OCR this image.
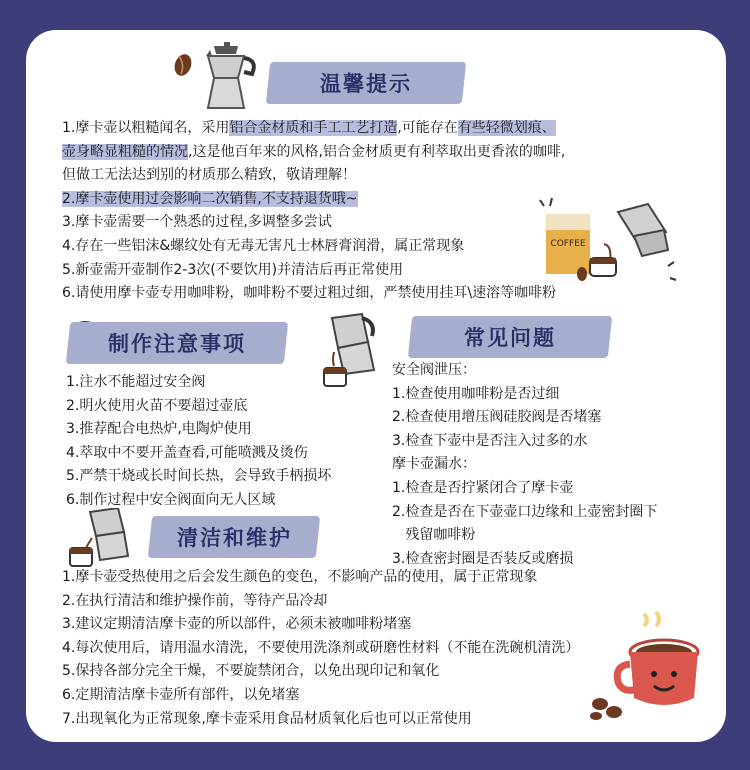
温馨提示
1.摩卡壶以粗糙闻名，采用铝合金材质和手工工艺打造,可能存在有些轻微划痕、
壶身略显粗糙的情况,这是他百年来的风格,铝合金材质更有利萃取出更香浓的咖啡,
但做工无法达到别的材质那么精致，敬请理解！
2.摩卡壶使用过会影响二次销售,不支持退货哦~
3.摩卡壶需要一个熟悉的过程,多调整多尝试
4.存在一些铝沫&螺纹处有无毒无害凡士林唇膏润滑，属正常现象
5.新壶需开壶制作2-3次(不要饮用)并清洁后再正常使用
6.请使用摩卡壶专用咖啡粉，咖啡粉不要过粗过细，严禁使用挂耳\速溶等咖啡粉
COFFEE
制作注意事项
1.注水不能超过安全阀
2.明火使用火苗不要超过壶底
3.推荐配合电热炉,电陶炉使用
4.萃取中不要开盖查看,可能喷溅及烫伤
5.严禁干烧或长时间长热，会导致手柄损坏
6.制作过程中安全阀面向无人区域
常见问题
安全阀泄压：
1.检查使用咖啡粉是否过细
2.检查使用增压阀硅胶阀是否堵塞
3.检查下壶中是否注入过多的水
摩卡壶漏水：
1.检查是否拧紧闭合了摩卡壶
2.检查是否在下壶壶口边缘和上壶密封圈下
残留咖啡粉
3.检查密封圈是否装反或磨损
清洁和维护
1.摩卡壶受热使用之后会发生颜色的变色，不影响产品的使用，属于正常现象
2.在执行清洁和维护操作前，等待产品冷却
3.建议定期清洁摩卡壶的所以部件，必须未被咖啡粉堵塞
4.每次使用后，请用温水清洗，不要使用洗涤剂或研磨性材料（不能在洗碗机清洗）
5.保持各部分完全干燥，不要旋禁闭合，以免出现印记和氧化
6.定期清洁摩卡壶所有部件，以免堵塞
7.出现氧化为正常现象,摩卡壶采用食品材质氧化后也可以正常使用
